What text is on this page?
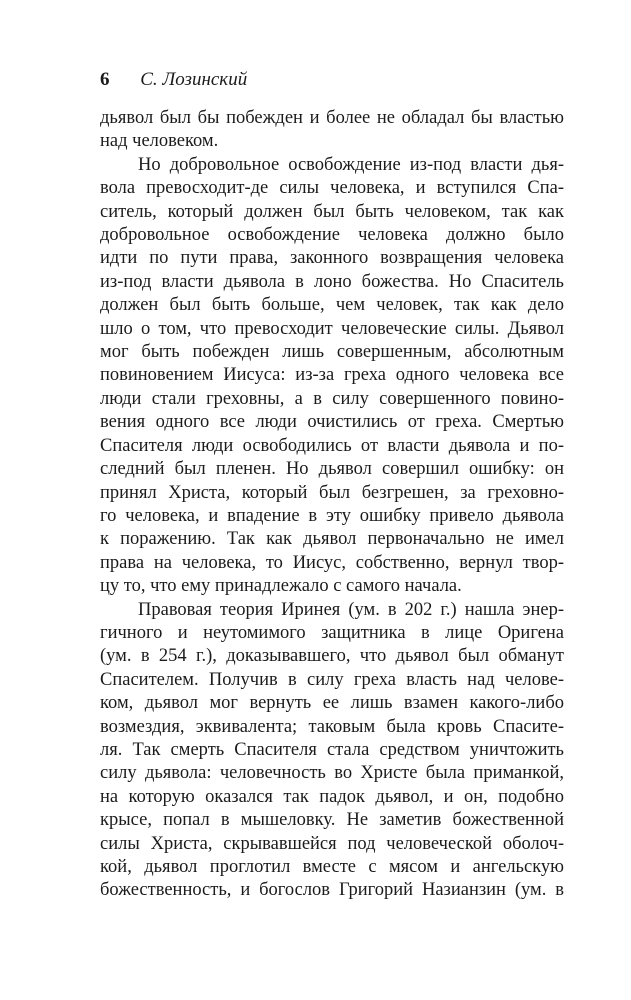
6 С. Лозинский
дьявол был бы побежден и более не обладал бы властью
над человеком.
Но добровольное освобождение из-под власти дья-
вола превосходит-де силы человека, и вступился Спа-
ситель, который должен был быть человеком, так как
добровольное освобождение человека должно было
идти по пути права, законного возвращения человека
из-под власти дьявола в лоно божества. Но Спаситель
должен был быть больше, чем человек, так как дело
шло о том, что превосходит человеческие силы. Дьявол
мог быть побежден лишь совершенным, абсолютным
повиновением Иисуса: из-за греха одного человека все
люди стали греховны, а в силу совершенного повино-
вения одного все люди очистились от греха. Смертью
Спасителя люди освободились от власти дьявола и по-
следний был пленен. Но дьявол совершил ошибку: он
принял Христа, который был безгрешен, за греховно-
го человека, и впадение в эту ошибку привело дьявола
к поражению. Так как дьявол первоначально не имел
права на человека, то Иисус, собственно, вернул твор-
цу то, что ему принадлежало с самого начала.
Правовая теория Иринея (ум. в 202 г.) нашла энер-
гичного и неутомимого защитника в лице Оригена
(ум. в 254 г.), доказывавшего, что дьявол был обманут
Спасителем. Получив в силу греха власть над челове-
ком, дьявол мог вернуть ее лишь взамен какого-либо
возмездия, эквивалента; таковым была кровь Спасите-
ля. Так смерть Спасителя стала средством уничтожить
силу дьявола: человечность во Христе была приманкой,
на которую оказался так падок дьявол, и он, подобно
крысе, попал в мышеловку. Не заметив божественной
силы Христа, скрывавшейся под человеческой оболоч-
кой, дьявол проглотил вместе с мясом и ангельскую
божественность, и богослов Григорий Назианзин (ум. в
